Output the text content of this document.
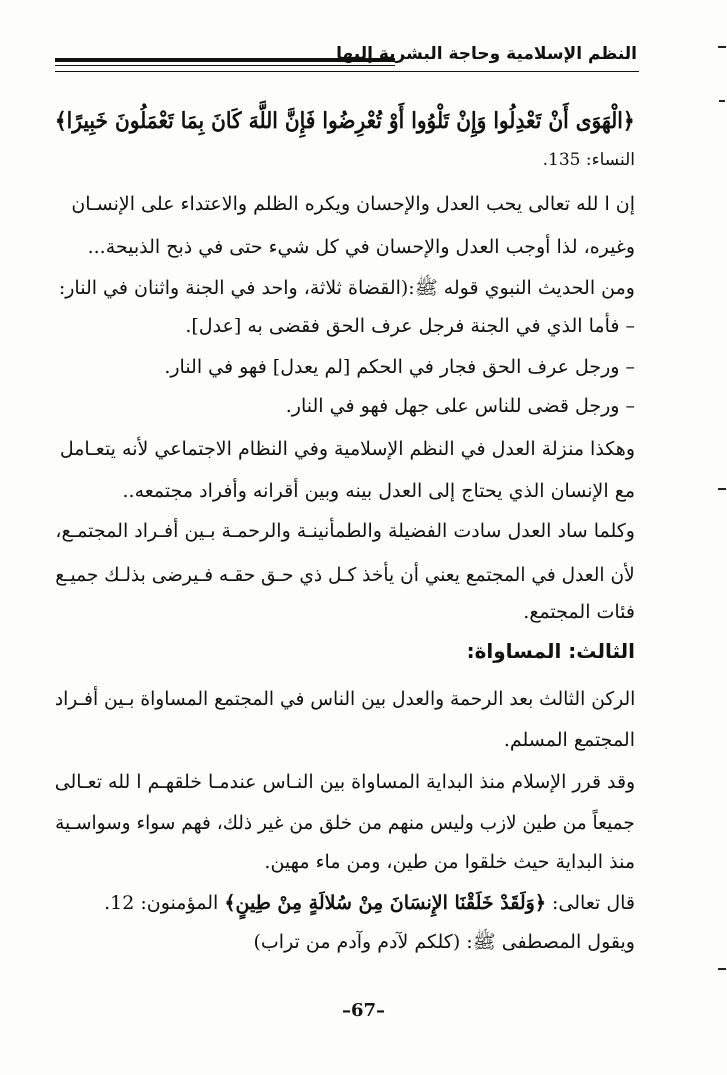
النظم الإسلامية وحاجة البشرية إليها
﴿الْهَوَى أَنْ تَعْدِلُوا وَإِنْ تَلْوُوا أَوْ تُعْرِضُوا فَإِنَّ اللَّهَ كَانَ بِمَا تَعْمَلُونَ خَبِيرًا﴾
النساء: 135.
إن ا لله تعالى يحب العدل والإحسان ويكره الظلم والاعتداء على الإنسـان
وغيره، لذا أوجب العدل والإحسان في كل شيء حتى في ذبح الذبيحة...
ومن الحديث النبوي قوله ﷺ:(القضاة ثلاثة، واحد في الجنة واثنان في النار:
– فأما الذي في الجنة فرجل عرف الحق فقضى به [عدل].
– ورجل عرف الحق فجار في الحكم [لم يعدل] فهو في النار.
– ورجل قضى للناس على جهل فهو في النار.
وهكذا منزلة العدل في النظم الإسلامية وفي النظام الاجتماعي لأنه يتعـامل
مع الإنسان الذي يحتاج إلى العدل بينه وبين أقرانه وأفراد مجتمعه..
وكلما ساد العدل سادت الفضيلة والطمأنينـة والرحمـة بـين أفـراد المجتمـع،
لأن العدل في المجتمع يعني أن يأخذ كـل ذي حـق حقـه فـيرضى بذلـك جميـع
فئات المجتمع.
الثالث: المساواة:
الركن الثالث بعد الرحمة والعدل بين الناس في المجتمع المساواة بـين أفـراد
المجتمع المسلم.
وقد قرر الإسلام منذ البداية المساواة بين النـاس عندمـا خلقهـم ا لله تعـالى
جميعاً من طين لازب وليس منهم من خلق من غير ذلك، فهم سواء وسواسـية
منذ البداية حيث خلقوا من طين، ومن ماء مهين.
قال تعالى: ﴿وَلَقَدْ خَلَقْنَا الإِنسَانَ مِنْ سُلالَةٍ مِنْ طِينٍ﴾ المؤمنون: 12.
ويقول المصطفى ﷺ: (كلكم لآدم وآدم من تراب)
–67–
